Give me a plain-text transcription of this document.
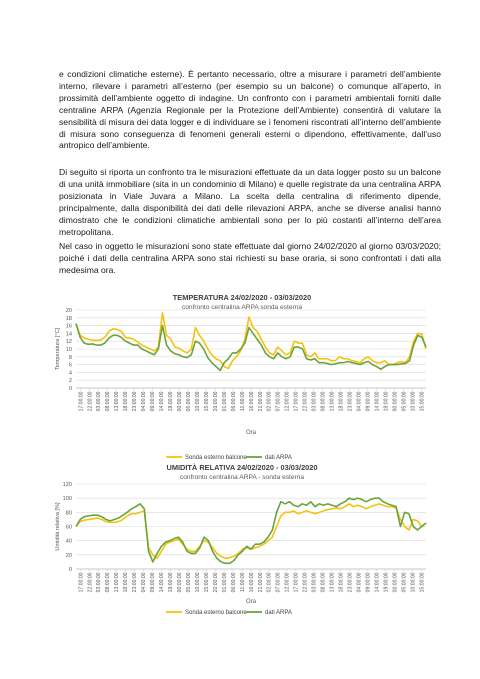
e condizioni climatiche esterne). È pertanto necessario, oltre a misurare i parametri dell’ambiente interno, rilevare i parametri all’esterno (per esempio su un balcone) o comunque all’aperto, in prossimità dell’ambiente oggetto di indagine. Un confronto con i parametri ambientali forniti dalle centraline ARPA (Agenzia Regionale per la Protezione dell’Ambiente) consentirà di valutare la sensibilità di misura dei data logger e di individuare se i fenomeni riscontrati all’interno dell’ambiente di misura sono conseguenza di fenomeni generali esterni o dipendono, effettivamente, dall’uso antropico dell’ambiente.

Di seguito si riporta un confronto tra le misurazioni effettuate da un data logger posto su un balcone di una unità immobiliare (sita in un condominio di Milano) e quelle registrate da una centralina ARPA posizionata in Viale Juvara a Milano. La scelta della centralina di riferimento dipende, principalmente, dalla disponibilità dei dati delle rilevazioni ARPA, anche se diverse analisi hanno dimostrato che le condizioni climatiche ambientali sono per lo più costanti all’interno dell’area metropolitana.

Nel caso in oggetto le misurazioni sono state effettuate dal giorno 24/02/2020 al giorno 03/03/2020; poiché i dati della centralina ARPA sono stai richiesti su base oraria, si sono confrontati i dati alla medesima ora.

TEMPERATURA 24/02/2020 - 03/03/2020
confronto centralina ARPA sonda esterna
0
2
4
6
8
10
12
14
16
18
20
Temperatura [°C]
17:00:00 22:00:00 03:00:00 08:00:00 13:00:00 18:00:00 23:00:00 04:00:00 09:00:00 14:00:00 19:00:00 00:00:00 05:00:00 10:00:00 15:00:00 20:00:00 01:00:00 06:00:00 11:00:00 16:00:00 21:00:00 02:00:00 07:00:00 12:00:00 17:00:00 22:00:00 03:00:00 08:00:00 13:00:00 18:00:00 23:00:00 04:00:00 09:00:00 14:00:00 19:00:00 00:00:00 05:00:00 10:00:00 15:00:00
Ora
Sonda esterno balcone	dati ARPA
UMIDITÀ RELATIVA 24/02/2020 - 03/03/2020
confronto centralina ARPA - sonda esterna
0
20
40
60
80
100
120
Umidità relativa [%]
17:00:00 22:00:00 03:00:00 08:00:00 13:00:00 18:00:00 23:00:00 04:00:00 09:00:00 14:00:00 19:00:00 00:00:00 05:00:00 10:00:00 15:00:00 20:00:00 01:00:00 06:00:00 11:00:00 16:00:00 21:00:00 02:00:00 07:00:00 12:00:00 17:00:00 22:00:00 03:00:00 08:00:00 13:00:00 18:00:00 23:00:00 04:00:00 09:00:00 14:00:00 19:00:00 00:00:00 05:00:00 10:00:00 15:00:00
Ora
Sonda esterno balcone	dati ARPA
